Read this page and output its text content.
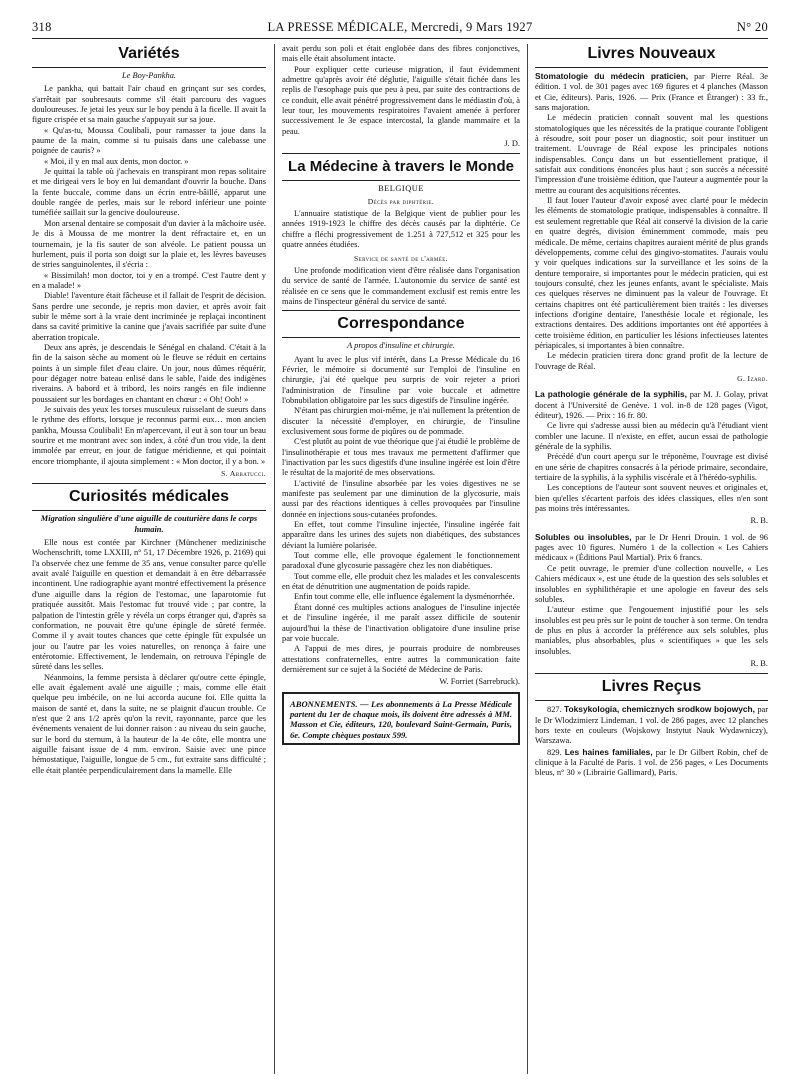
318	LA PRESSE MÉDICALE, Mercredi, 9 Mars 1927	N° 20
Variétés
Le Boy-Pankha.

Le pankha, qui battait l'air chaud en grinçant sur ses cordes, s'arrêtait par soubresauts comme s'il était parcouru des vagues douloureuses. Je jetai les yeux sur le boy pendu à la ficelle. Il avait la figure crispée et sa main gauche s'appuyait sur sa joue.

« Qu'as-tu, Moussa Coulibali, pour ramasser ta joue dans la paume de la main, comme si tu puisais dans une calebasse une poignée de cauris? »

« Moi, il y en mal aux dents, mon doctor. »

Je quittai la table où j'achevais en transpirant mon repas solitaire et me dirigeai vers le boy en lui demandant d'ouvrir la bouche. Dans la fente buccale, comme dans un écrin entre-bâillé, apparut une double rangée de perles, mais sur le rebord inférieur une pointe tuméfiée saillait sur la gencive douloureuse.

Mon arsenal dentaire se composait d'un davier à la mâchoire usée. Je dis à Moussa de me montrer la dent réfractaire et, en un tournemain, je la fis sauter de son alvéole. Le patient poussa un hurlement, puis il porta son doigt sur la plaie et, les lèvres baveuses de stries sanguinolentes, il s'écria :

« Bissimilah! mon doctor, toi y en a trompé. C'est l'autre dent y en a malade! »

Diable! l'aventure était fâcheuse et il fallait de l'esprit de décision. Sans perdre une seconde, je repris mon davier, et après avoir fait subir le même sort à la vraie dent incriminée je replaçai incontinent dans sa cavité primitive la canine que j'avais sacrifiée par suite d'une aberration tropicale.

Deux ans après, je descendais le Sénégal en chaland. C'était à la fin de la saison sèche au moment où le fleuve se réduit en certains points à un simple filet d'eau claire. Un jour, nous dûmes réquérir, pour dégager notre bateau enlisé dans le sable, l'aide des indigènes riverains. A babord et à tribord, les noirs rangés en file indienne poussaient sur les bordages en chantant en chœur : « Oh! Ooh! »

Je suivais des yeux les torses musculeux ruisselant de sueurs dans le rythme des efforts, lorsque je reconnus parmi eux… mon ancien pankha, Moussa Coulibali! En m'apercevant, il eut à son tour un beau sourire et me montrant avec son index, à côté d'un trou vide, la dent immolée par erreur, en jour de fatigue méridienne, et qui pointait encore triomphante, il ajouta simplement : « Mon doctor, il y a bon. »

S. Abbatucci.
Curiosités médicales
Migration singulière d'une aiguille de couturière dans le corps humain.

Elle nous est contée par Kirchner (Münchener medizinische Wochenschrift, tome LXXIII, n° 51, 17 Décembre 1926, p. 2169) qui l'a observée chez une femme de 35 ans, venue consulter parce qu'elle avait avalé l'aiguille en question et demandait à en être débarrassée incontinent. Une radiographie ayant montré effectivement la présence d'une aiguille dans la région de l'estomac, une laparotomie fut pratiquée aussitôt. Mais l'estomac fut trouvé vide ; par contre, la palpation de l'intestin grêle y révéla un corps étranger qui, d'après sa conformation, ne pouvait être qu'une épingle de sûreté fermée. Comme il y avait toutes chances que cette épingle fût expulsée un jour ou l'autre par les voies naturelles, on renonça à faire une entérotomie. Effectivement, le lendemain, on retrouva l'épingle de sûreté dans les selles.

Néanmoins, la femme persista à déclarer qu'outre cette épingle, elle avait également avalé une aiguille ; mais, comme elle était quelque peu imbécile, on ne lui accorda aucune foi. Elle quitta la maison de santé et, dans la suite, ne se plaignit d'aucun trouble. Ce n'est que 2 ans 1/2 après qu'on la revit, rayonnante, parce que les événements venaient de lui donner raison : au niveau du sein gauche, sur le bord du sternum, à la hauteur de la 4e côte, elle montra une aiguille faisant issue de 4 mm. environ. Saisie avec une pince hémostatique, l'aiguille, longue de 5 cm., fut extraite sans difficulté ; elle était plantée perpendiculairement dans la mamelle. Elle

avait perdu son poli et était englobée dans des fibres conjonctives, mais elle était absolument intacte.

Pour expliquer cette curieuse migration, il faut évidemment admettre qu'après avoir été déglutie, l'aiguille s'était fichée dans les replis de l'œsophage puis que peu à peu, par suite des contractions de ce conduit, elle avait pénétré progressivement dans le médiastin d'où, à leur tour, les mouvements respiratoires l'avaient amenée à perforer successivement le 3e espace intercostal, la glande mammaire et la peau.

J. D.
La Médecine à travers le Monde
BELGIQUE
Décès par diphtérie.

L'annuaire statistique de la Belgique vient de publier pour les années 1919-1923 le chiffre des décès causés par la diphtérie. Ce chiffre a fléchi progressivement de 1.251 à 727,512 et 325 pour les quatre années étudiées.

Service de santé de l'armée.

Une profonde modification vient d'être réalisée dans l'organisation du service de santé de l'armée. L'autonomie du service de santé est réalisée en ce sens que le commandement exclusif est remis entre les mains de l'inspecteur général du service de santé.

Correspondance
A propos d'insuline et chirurgie.

Ayant lu avec le plus vif intérêt, dans La Presse Médicale du 16 Février, le mémoire si documenté sur l'emploi de l'insuline en chirurgie, j'ai été quelque peu surpris de voir rejeter a priori l'administration de l'insuline par voie buccale et admettre l'obnubilation obligatoire par les sucs digestifs de l'insuline ingérée.

N'étant pas chirurgien moi-même, je n'ai nullement la prétention de discuter la nécessité d'employer, en chirurgie, de l'insuline exclusivement sous forme de piqûres ou de pommade.

C'est plutôt au point de vue théorique que j'ai étudié le problème de l'insulinothérapie et tous mes travaux me permettent d'affirmer que l'inactivation par les sucs digestifs d'une insuline ingérée est loin d'être le résultat de la majorité de mes observations.

L'activité de l'insuline absorbée par les voies digestives ne se manifeste pas seulement par une diminution de la glycosurie, mais aussi par des réactions identiques à celles provoquées par l'insuline donnée en injections sous-cutanées profondes.

En effet, tout comme l'insuline injectée, l'insuline ingérée fait apparaître dans les urines des sujets non diabétiques, des substances déviant la lumière polarisée.

Tout comme elle, elle provoque également le fonctionnement paradoxal d'une glycosurie passagère chez les non diabétiques.

Tout comme elle, elle produit chez les malades et les convalescents en état de dénutrition une augmentation de poids rapide.

Enfin tout comme elle, elle influence également la dysménorrhée.

Étant donné ces multiples actions analogues de l'insuline injectée et de l'insuline ingérée, il me paraît assez difficile de soutenir aujourd'hui la thèse de l'inactivation obligatoire d'une insuline prise par voie buccale.

A l'appui de mes dires, je pourrais produire de nombreuses attestations confraternelles, entre autres la communication faite dernièrement sur ce sujet à la Société de Médecine de Paris.

W. Forriet (Sarrebruck).

ABONNEMENTS. — Les abonnements à La Presse Médicale partent du 1er de chaque mois, ils doivent être adressés à MM. Masson et Cie, éditeurs, 120, boulevard Saint-Germain, Paris, 6e. Compte chèques postaux 599.

Livres Nouveaux

Stomatologie du médecin praticien, par Pierre Réal. 3e édition. 1 vol. de 301 pages avec 169 figures et 4 planches (Masson et Cie, éditeurs). Paris, 1926. — Prix (France et Étranger) : 33 fr., sans majoration.

Le médecin praticien connaît souvent mal les questions stomatologiques que les nécessités de la pratique courante l'obligent à résoudre, soit pour poser un diagnostic, soit pour instituer un traitement. L'ouvrage de Réal expose les principales notions indispensables. Conçu dans un but essentiellement pratique, il satisfait aux conditions énoncées plus haut ; son succès a nécessité l'impression d'une troisième édition, que l'auteur a augmentée pour la mettre au courant des acquisitions récentes.

Il faut louer l'auteur d'avoir exposé avec clarté pour le médecin les éléments de stomatologie pratique, indispensables à connaître. Il est seulement regrettable que Réal ait conservé la division de la carie en quatre degrés, division éminemment commode, mais peu médicale. De même, certains chapitres auraient mérité de plus grands développements, comme celui des gingivo-stomatites. J'aurais voulu y voir quelques indications sur la surveillance et les soins de la denture temporaire, si importantes pour le médecin praticien, qui est toujours consulté, chez les jeunes enfants, avant le spécialiste. Mais ces quelques réserves ne diminuent pas la valeur de l'ouvrage. Et certains chapitres ont été particulièrement bien traités : les diverses infections d'origine dentaire, l'anesthésie locale et régionale, les extractions dentaires. Des additions importantes ont été apportées à cette troisième édition, en particulier les lésions infectieuses latentes périapicales, si importantes à bien connaître.

Le médecin praticien tirera donc grand profit de la lecture de l'ouvrage de Réal.

G. Izard.

La pathologie générale de la syphilis, par M. J. Golay, privat docent à l'Université de Genève. 1 vol. in-8 de 128 pages (Vigot, éditeur), 1926. — Prix : 16 fr. 80.

Ce livre qui s'adresse aussi bien au médecin qu'à l'étudiant vient combler une lacune. Il n'existe, en effet, aucun essai de pathologie générale de la syphilis.

Précédé d'un court aperçu sur le tréponème, l'ouvrage est divisé en une série de chapitres consacrés à la période primaire, secondaire, tertiaire de la syphilis, à la syphilis viscérale et à l'hérédo-syphilis.

Les conceptions de l'auteur sont souvent neuves et originales et, bien qu'elles s'écartent parfois des idées classiques, elles n'en sont pas moins très intéressantes.

R. B.

Solubles ou insolubles, par le Dr Henri Drouin. 1 vol. de 96 pages avec 10 figures. Numéro 1 de la collection « Les Cahiers médicaux » (Éditions Paul Martial). Prix 6 francs.

Ce petit ouvrage, le premier d'une collection nouvelle, « Les Cahiers médicaux », est une étude de la question des sels solubles et insolubles en syphilithérapie et une apologie en faveur des sels solubles.

L'auteur estime que l'engouement injustifié pour les sels insolubles est peu près sur le point de toucher à son terme. On tendra de plus en plus à accorder la préférence aux sels solubles, plus maniables, plus absorbables, plus « scientifiques » que les sels insolubles.

R. B.
Livres Reçus

827. Toksykologia, chemicznych srodkow bojowych, par le Dr Wlodzimierz Lindeman. 1 vol. de 286 pages, avec 12 planches hors texte en couleurs (Wojskowy Instytut Nauk Wydawniczy), Warszawa.

829. Les haines familiales, par le Dr Gilbert Robin, chef de clinique à la Faculté de Paris. 1 vol. de 256 pages, « Les Documents bleus, n° 30 » (Librairie Gallimard), Paris.
